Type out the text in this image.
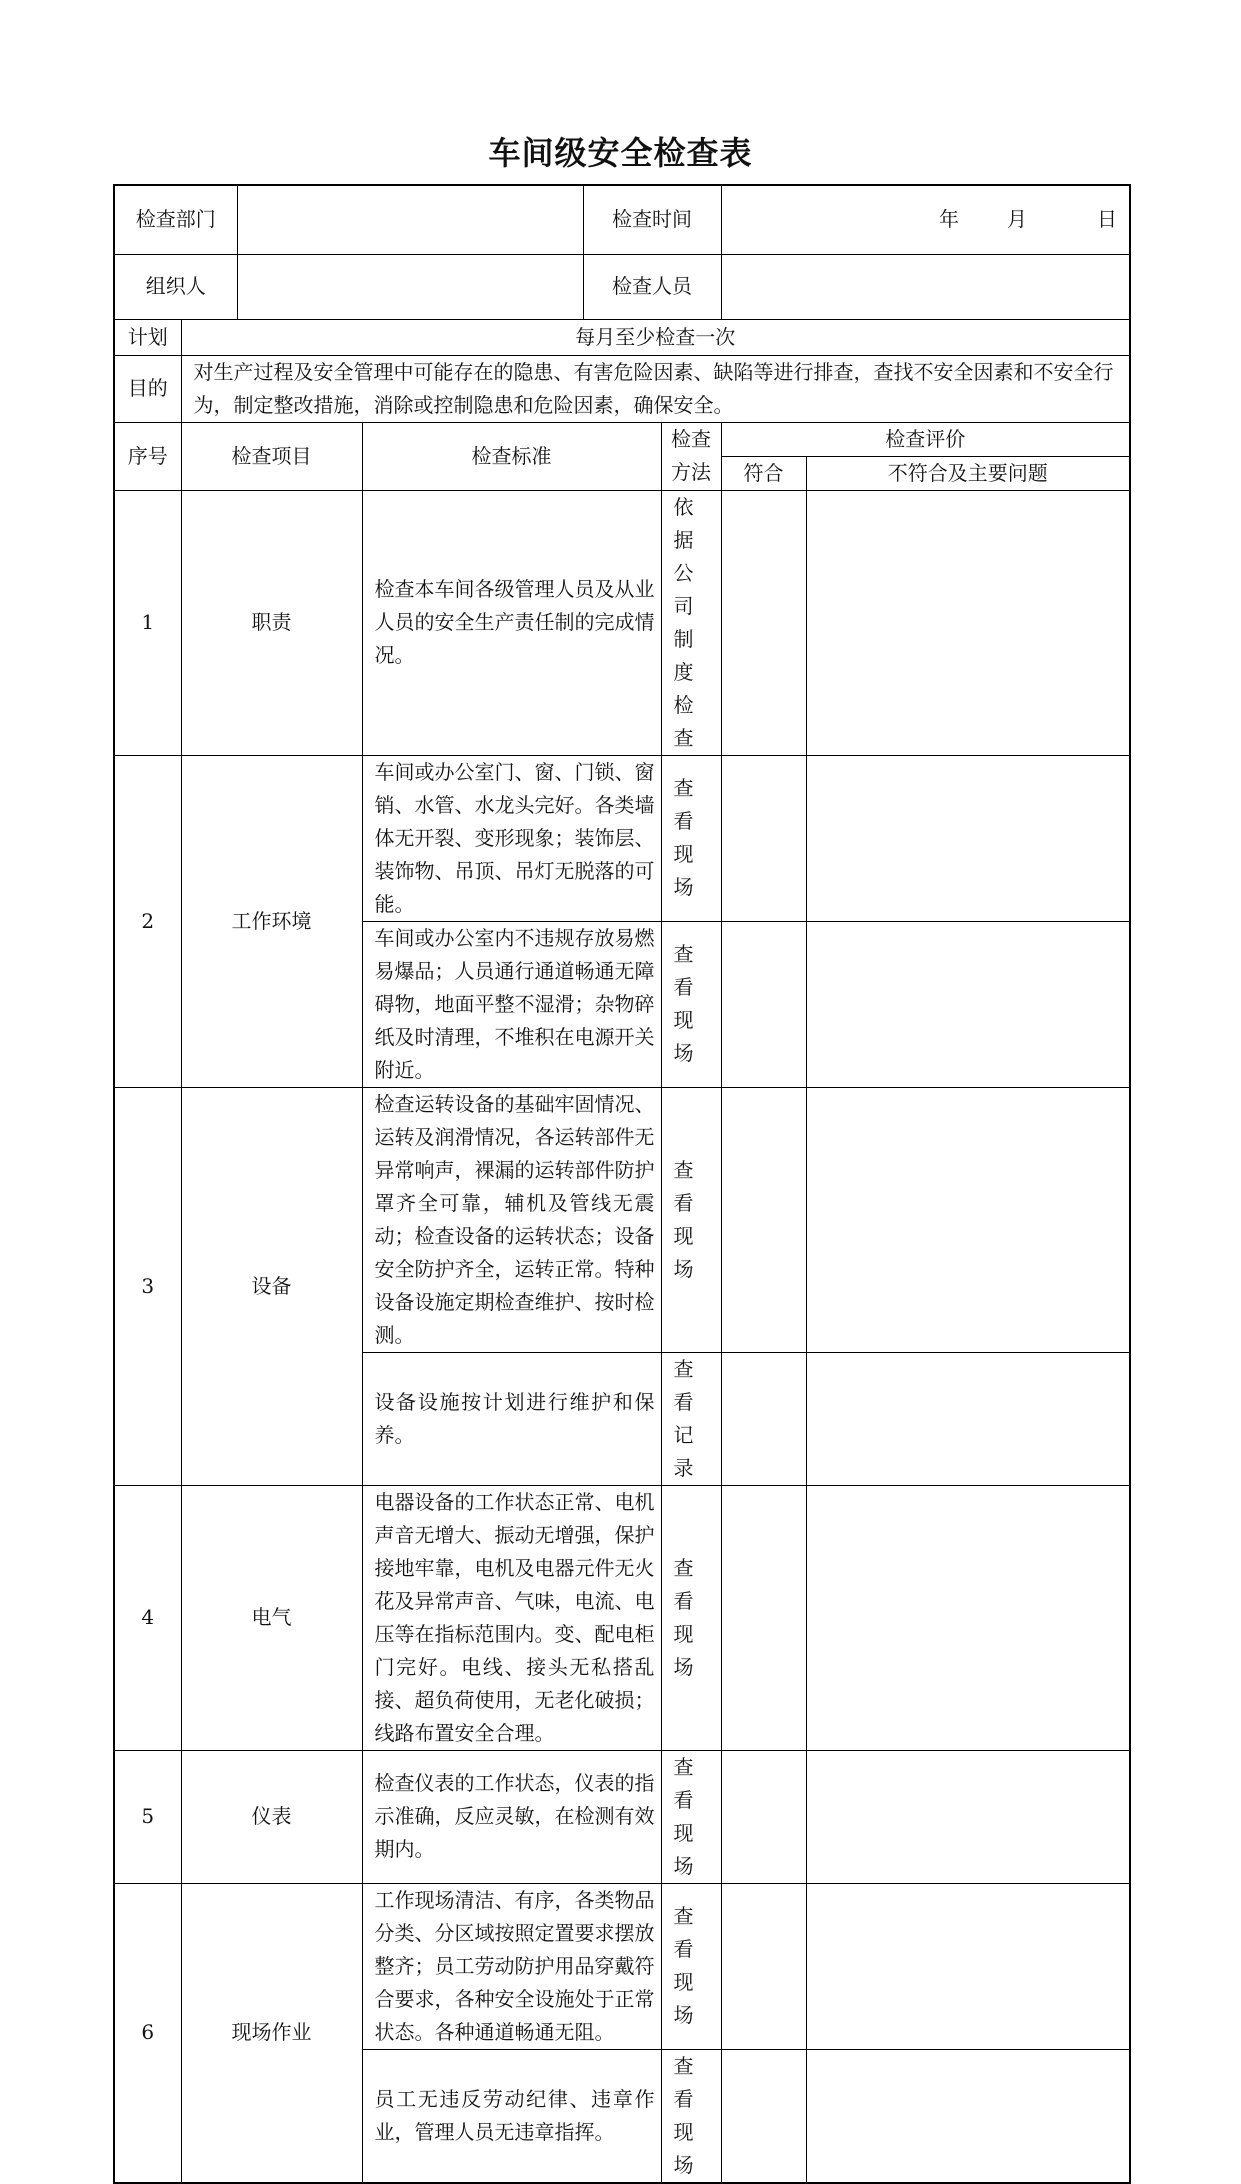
车间级安全检查表
检查部门				检查时间		年 月 日	
组织人				检查人员			
计划	每月至少检查一次						
目的	对生产过程及安全管理中可能存在的隐患、有害危险因素、缺陷等进行排查，查找不安全因素和不安全行为，制定整改措施，消除或控制隐患和危险因素，确保安全。						
序号	检查项目		检查标准		检查方法	检查评价	
						符合	不符合及主要问题
1	职责		检查本车间各级管理人员及从业人员的安全生产责任制的完成情况。		依据公司制度检查		
2	工作环境		车间或办公室门、窗、门锁、窗销、水管、水龙头完好。各类墙体无开裂、变形现象；装饰层、装饰物、吊顶、吊灯无脱落的可能。		查看现场		
			车间或办公室内不违规存放易燃易爆品；人员通行通道畅通无障碍物，地面平整不湿滑；杂物碎纸及时清理，不堆积在电源开关附近。		查看现场		
3	设备		检查运转设备的基础牢固情况、运转及润滑情况，各运转部件无异常响声，裸漏的运转部件防护罩齐全可靠，辅机及管线无震动；检查设备的运转状态；设备安全防护齐全，运转正常。特种设备设施定期检查维护、按时检测。		查看现场		
			设备设施按计划进行维护和保养。		查看记录		
4	电气		电器设备的工作状态正常、电机声音无增大、振动无增强，保护接地牢靠，电机及电器元件无火花及异常声音、气味，电流、电压等在指标范围内。变、配电柜门完好。电线、接头无私搭乱接、超负荷使用，无老化破损；线路布置安全合理。		查看现场		
5	仪表		检查仪表的工作状态，仪表的指示准确，反应灵敏，在检测有效期内。		查看现场		
6	现场作业		工作现场清洁、有序，各类物品分类、分区域按照定置要求摆放整齐；员工劳动防护用品穿戴符合要求，各种安全设施处于正常状态。各种通道畅通无阻。		查看现场		
			员工无违反劳动纪律、违章作业，管理人员无违章指挥。		查看现场		
